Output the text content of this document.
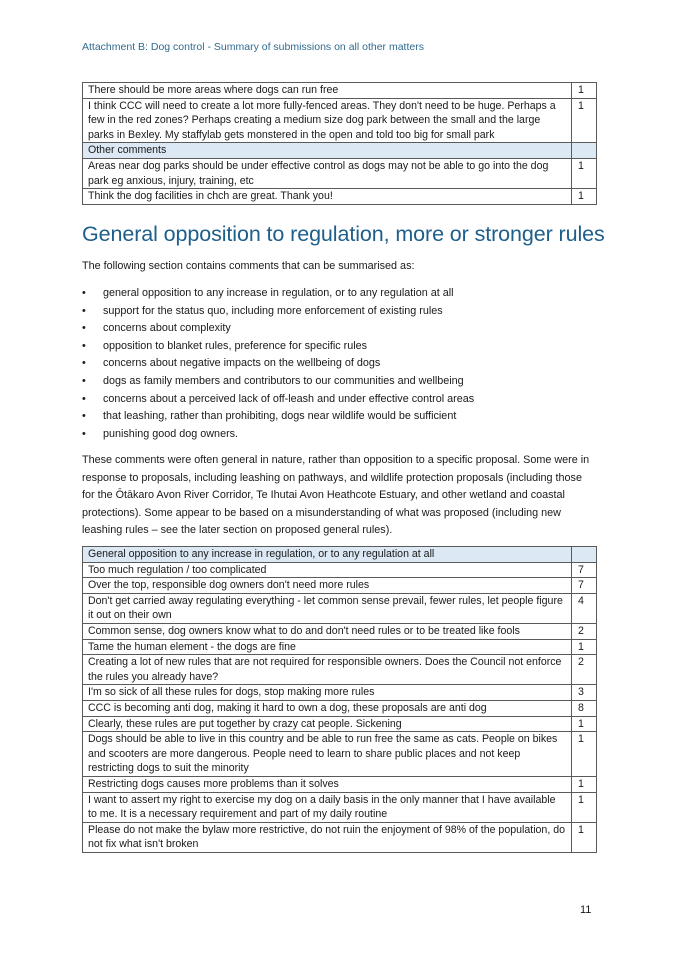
Attachment B: Dog control - Summary of submissions on all other matters
There should be more areas where dogs can run free	1
I think CCC will need to create a lot more fully-fenced areas. They don't need to be huge. Perhaps a few in the red zones? Perhaps creating a medium size dog park between the small and the large parks in Bexley. My staffylab gets monstered in the open and told too big for small park	1
Other comments	
Areas near dog parks should be under effective control as dogs may not be able to go into the dog park eg anxious, injury, training, etc	1
Think the dog facilities in chch are great. Thank you!	1
General opposition to regulation, more or stronger rules

The following section contains comments that can be summarised as:

• general opposition to any increase in regulation, or to any regulation at all
• support for the status quo, including more enforcement of existing rules
• concerns about complexity
• opposition to blanket rules, preference for specific rules
• concerns about negative impacts on the wellbeing of dogs
• dogs as family members and contributors to our communities and wellbeing
• concerns about a perceived lack of off-leash and under effective control areas
• that leashing, rather than prohibiting, dogs near wildlife would be sufficient
• punishing good dog owners.

These comments were often general in nature, rather than opposition to a specific proposal. Some were in response to proposals, including leashing on pathways, and wildlife protection proposals (including those for the Ōtākaro Avon River Corridor, Te Ihutai Avon Heathcote Estuary, and other wetland and coastal protections). Some appear to be based on a misunderstanding of what was proposed (including new leashing rules – see the later section on proposed general rules).

General opposition to any increase in regulation, or to any regulation at all	
Too much regulation / too complicated	7
Over the top, responsible dog owners don't need more rules	7
Don't get carried away regulating everything - let common sense prevail, fewer rules, let people figure it out on their own	4
Common sense, dog owners know what to do and don't need rules or to be treated like fools	2
Tame the human element - the dogs are fine	1
Creating a lot of new rules that are not required for responsible owners. Does the Council not enforce the rules you already have?	2
I'm so sick of all these rules for dogs, stop making more rules	3
CCC is becoming anti dog, making it hard to own a dog, these proposals are anti dog	8
Clearly, these rules are put together by crazy cat people. Sickening	1
Dogs should be able to live in this country and be able to run free the same as cats. People on bikes and scooters are more dangerous. People need to learn to share public places and not keep restricting dogs to suit the minority	1
Restricting dogs causes more problems than it solves	1
I want to assert my right to exercise my dog on a daily basis in the only manner that I have available to me. It is a necessary requirement and part of my daily routine	1
Please do not make the bylaw more restrictive, do not ruin the enjoyment of 98% of the population, do not fix what isn't broken	1
11
